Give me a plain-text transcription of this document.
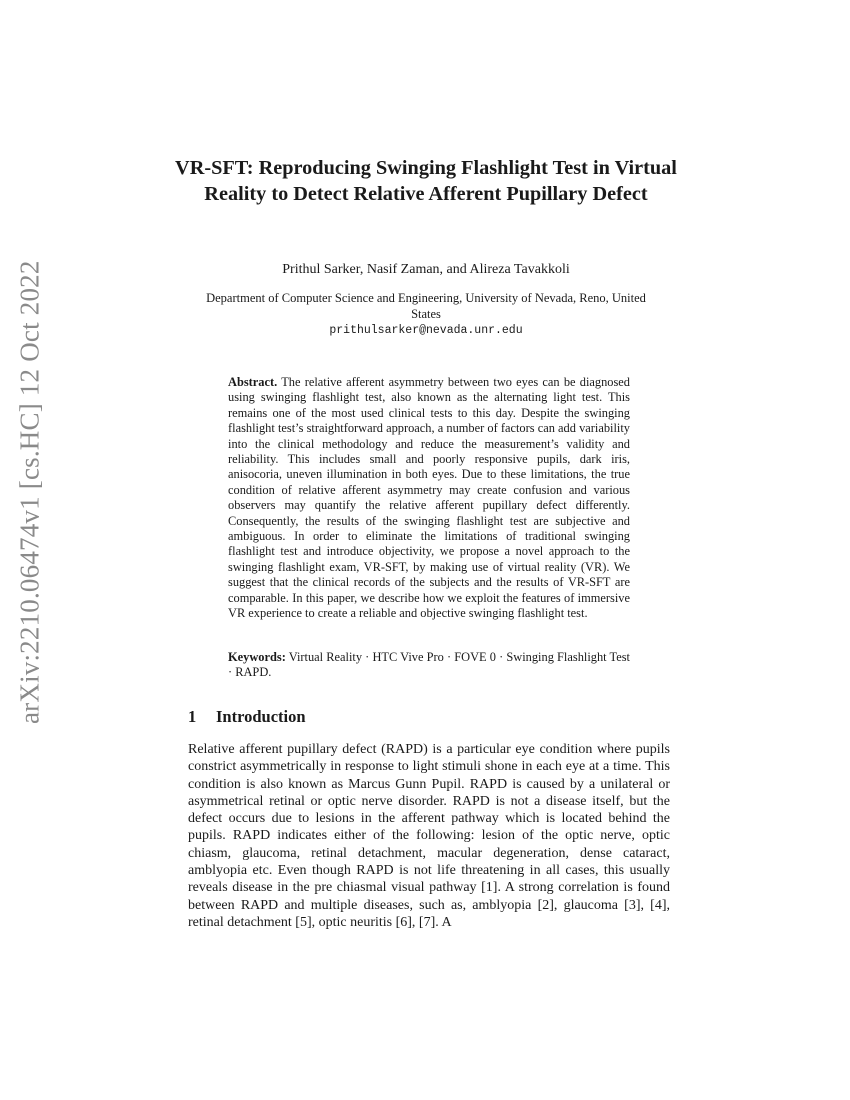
arXiv:2210.06474v1 [cs.HC] 12 Oct 2022
VR-SFT: Reproducing Swinging Flashlight Test in Virtual Reality to Detect Relative Afferent Pupillary Defect
Prithul Sarker, Nasif Zaman, and Alireza Tavakkoli
Department of Computer Science and Engineering, University of Nevada, Reno, United States
prithulsarker@nevada.unr.edu
Abstract. The relative afferent asymmetry between two eyes can be diagnosed using swinging flashlight test, also known as the alternating light test. This remains one of the most used clinical tests to this day. Despite the swinging flashlight test’s straightforward approach, a number of factors can add variability into the clinical methodology and reduce the measurement’s validity and reliability. This includes small and poorly responsive pupils, dark iris, anisocoria, uneven illumination in both eyes. Due to these limitations, the true condition of relative afferent asymmetry may create confusion and various observers may quantify the relative afferent pupillary defect differently. Consequently, the results of the swinging flashlight test are subjective and ambiguous. In order to eliminate the limitations of traditional swinging flashlight test and introduce objectivity, we propose a novel approach to the swinging flashlight exam, VR-SFT, by making use of virtual reality (VR). We suggest that the clinical records of the subjects and the results of VR-SFT are comparable. In this paper, we describe how we exploit the features of immersive VR experience to create a reliable and objective swinging flashlight test.
Keywords: Virtual Reality · HTC Vive Pro · FOVE 0 · Swinging Flashlight Test · RAPD.
1 Introduction
Relative afferent pupillary defect (RAPD) is a particular eye condition where pupils constrict asymmetrically in response to light stimuli shone in each eye at a time. This condition is also known as Marcus Gunn Pupil. RAPD is caused by a unilateral or asymmetrical retinal or optic nerve disorder. RAPD is not a disease itself, but the defect occurs due to lesions in the afferent pathway which is located behind the pupils. RAPD indicates either of the following: lesion of the optic nerve, optic chiasm, glaucoma, retinal detachment, macular degeneration, dense cataract, amblyopia etc. Even though RAPD is not life threatening in all cases, this usually reveals disease in the pre chiasmal visual pathway [1]. A strong correlation is found between RAPD and multiple diseases, such as, amblyopia [2], glaucoma [3], [4], retinal detachment [5], optic neuritis [6], [7]. A
